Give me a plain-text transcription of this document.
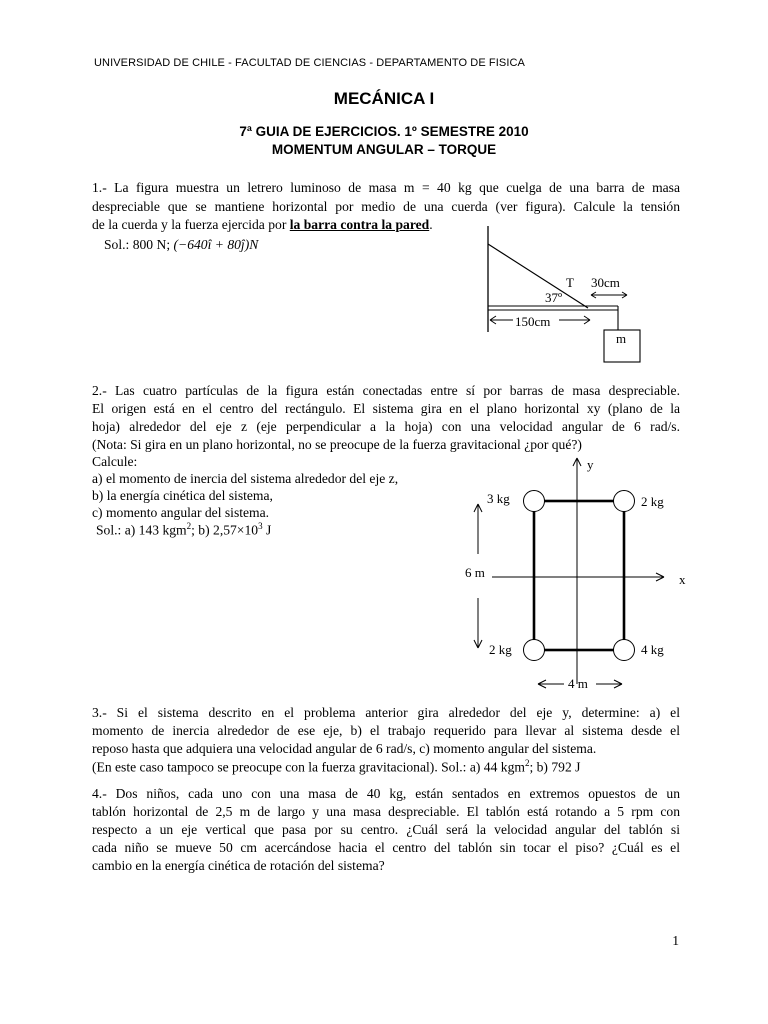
UNIVERSIDAD DE CHILE - FACULTAD DE CIENCIAS - DEPARTAMENTO DE FISICA
MECÁNICA I
7ª GUIA DE EJERCICIOS. 1º SEMESTRE 2010
MOMENTUM ANGULAR – TORQUE
1.- La figura muestra un letrero luminoso de masa m = 40 kg que cuelga de una barra de masa
despreciable que se mantiene horizontal por medio de una cuerda (ver figura). Calcule la tensión
de la cuerda y la fuerza ejercida por la barra contra la pared.
Sol.: 800 N; (−640î + 80ĵ)N
m
T
37º
30cm
150cm
2.- Las cuatro partículas de la figura están conectadas entre sí por barras de masa despreciable.
El origen está en el centro del rectángulo. El sistema gira en el plano horizontal xy (plano de la
hoja) alrededor del eje z (eje perpendicular a la hoja) con una velocidad angular de 6 rad/s.
(Nota: Si gira en un plano horizontal, no se preocupe de la fuerza gravitacional ¿por qué?)
Calcule:
a) el momento de inercia del sistema alrededor del eje z,
b) la energía cinética del sistema,
c) momento angular del sistema.
Sol.: a) 143 kgm$^2$; b) $2,57\times 10^3$ J
y
x
3 kg	2 kg
2 kg	4 kg
6 m
4 m
3.- Si el sistema descrito en el problema anterior gira alrededor del eje y, determine: a) el
momento de inercia alrededor de ese eje, b) el trabajo requerido para llevar al sistema desde el
reposo hasta que adquiera una velocidad angular de 6 rad/s, c) momento angular del sistema.
(En este caso tampoco se preocupe con la fuerza gravitacional). Sol.: a) 44 kgm$^2$; b) 792 J
4.- Dos niños, cada uno con una masa de 40 kg, están sentados en extremos opuestos de un
tablón horizontal de 2,5 m de largo y una masa despreciable. El tablón está rotando a 5 rpm con
respecto a un eje vertical que pasa por su centro. ¿Cuál será la velocidad angular del tablón si
cada niño se mueve 50 cm acercándose hacia el centro del tablón sin tocar el piso? ¿Cuál es el
cambio en la energía cinética de rotación del sistema?
1
